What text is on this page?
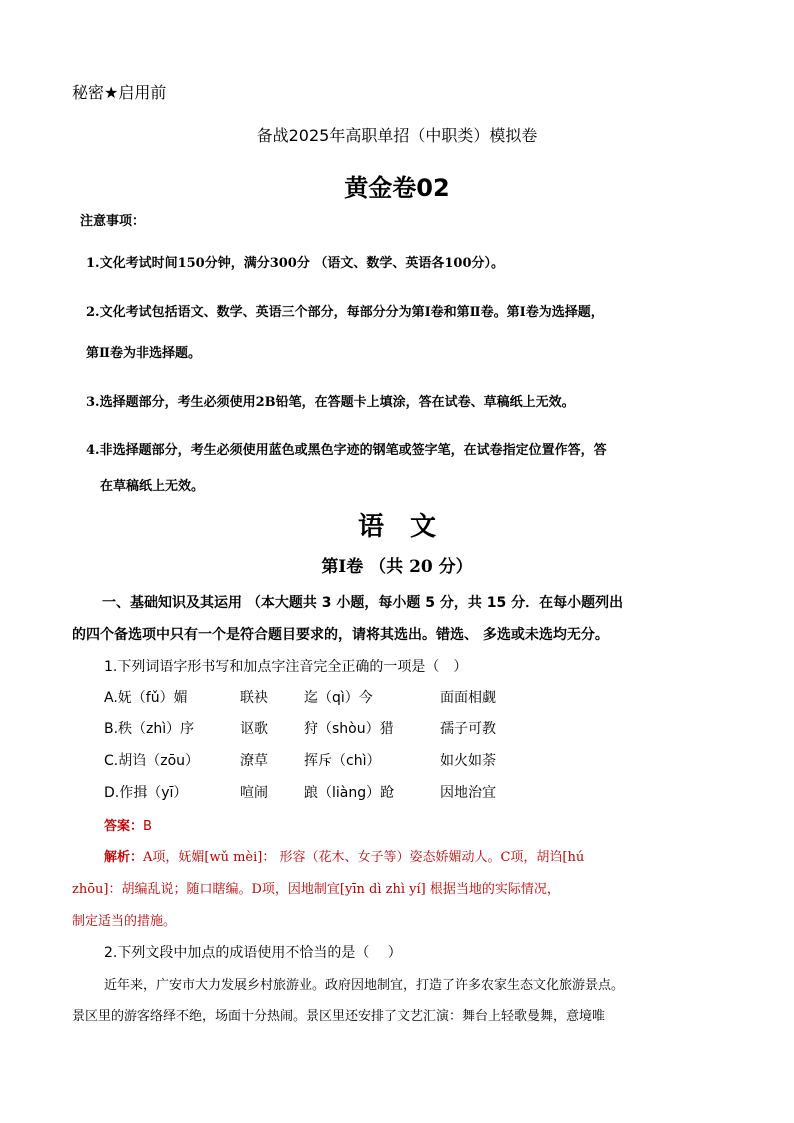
秘密★启用前
备战2025年高职单招（中职类）模拟卷
黄金卷02
注意事项：
1.文化考试时间150分钟，满分300分 （语文、数学、英语各100分）。
2.文化考试包括语文、数学、英语三个部分，每部分分为第Ⅰ卷和第Ⅱ卷。第Ⅰ卷为选择题，
第Ⅱ卷为非选择题。
3.选择题部分，考生必须使用2B铅笔，在答题卡上填涂，答在试卷、草稿纸上无效。
4.非选择题部分，考生必须使用蓝色或黑色字迹的钢笔或签字笔，在试卷指定位置作答，答
在草稿纸上无效。
语　文
第Ⅰ卷 （共 20 分）
一、基础知识及其运用 （本大题共 3 小题，每小题 5 分，共 15 分．在每小题列出
的四个备选项中只有一个是符合题目要求的，请将其选出。错选、 多选或未选均无分。
1.下列词语字形书写和加点字注音完全正确的一项是（　）
A.妩（fǔ）媚	联袂	迄（qì）今	面面相觑
B.秩（zhì）序	讴歌	狩（shòu）猎	孺子可教
C.胡诌（zōu）	潦草	挥斥（chì）	如火如荼
D.作揖（yī）	喧闹	踉（liàng）跄	因地治宜
答案：B
解析：A项，妩媚[wǔ mèi]： 形容（花木、女子等）姿态娇媚动人。C项，胡诌[hú
zhōu]：胡编乱说；随口瞎编。D项，因地制宜[yīn dì zhì yí] 根据当地的实际情况，
制定适当的措施。
2.下列文段中加点的成语使用不恰当的是（　 ）
近年来，广安市大力发展乡村旅游业。政府因地制宜，打造了许多农家生态文化旅游景点。
景区里的游客络绎不绝，场面十分热闹。景区里还安排了文艺汇演：舞台上轻歌曼舞，意境唯
